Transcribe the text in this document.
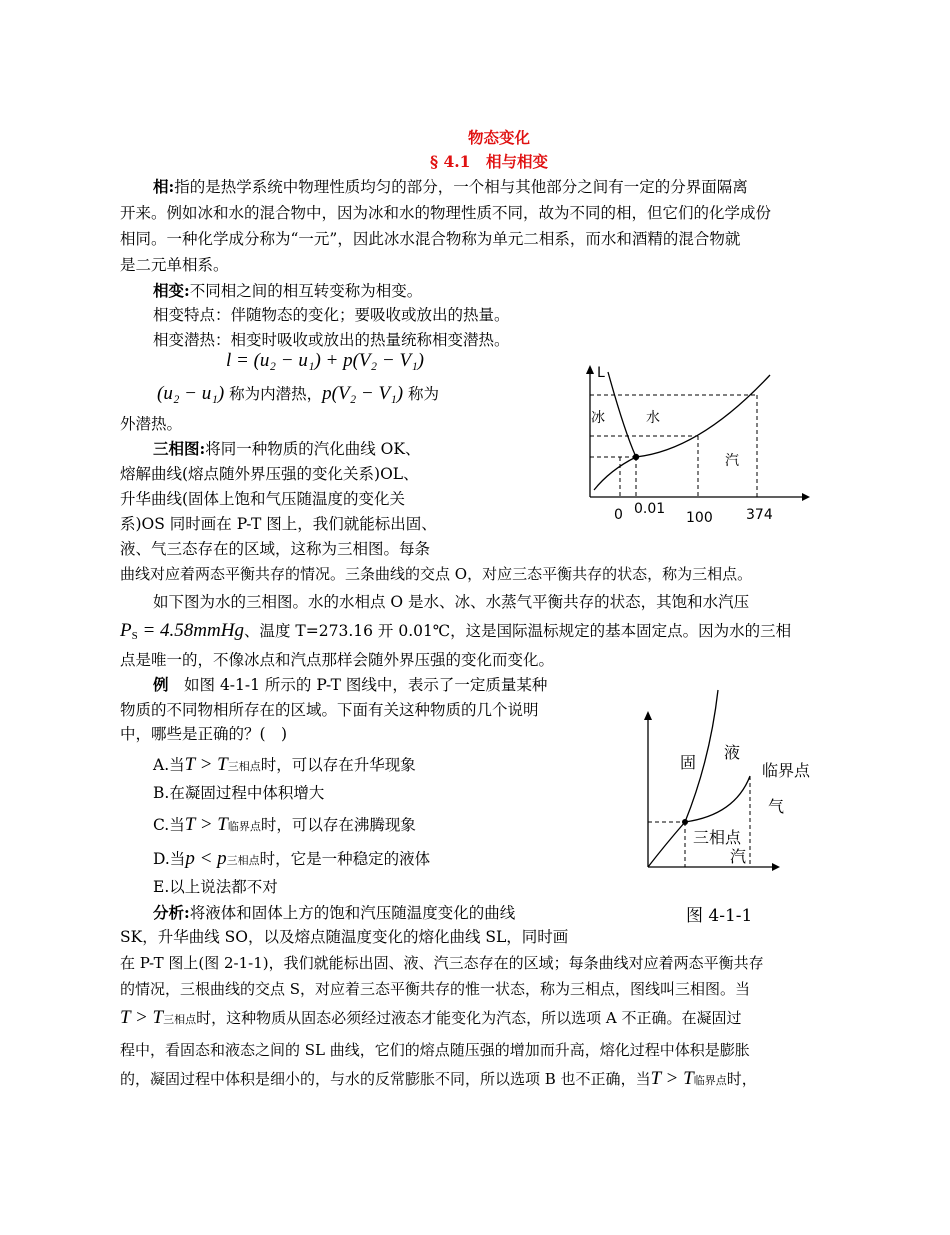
物态变化
§ 4.1　相与相变
相:指的是热学系统中物理性质均匀的部分，一个相与其他部分之间有一定的分界面隔离
开来。例如冰和水的混合物中，因为冰和水的物理性质不同，故为不同的相，但它们的化学成份
相同。一种化学成分称为“一元”，因此冰水混合物称为单元二相系，而水和酒精的混合物就
是二元单相系。
相变:不同相之间的相互转变称为相变。
相变特点：伴随物态的变化；要吸收或放出的热量。
相变潜热：相变时吸收或放出的热量统称相变潜热。
l = (u₂ − u₁) + p(V₂ − V₁)
(u₂ − u₁) 称为内潜热，p(V₂ − V₁) 称为
外潜热。
三相图:将同一种物质的汽化曲线 OK、
熔解曲线(熔点随外界压强的变化关系)OL、
升华曲线(固体上饱和气压随温度的变化关
系)OS 同时画在 P-T 图上，我们就能标出固、
液、气三态存在的区域，这称为三相图。每条
曲线对应着两态平衡共存的情况。三条曲线的交点 O，对应三态平衡共存的状态，称为三相点。
L
冰	水
汽
0 0.01
100 374
如下图为水的三相图。水的水相点 O 是水、冰、水蒸气平衡共存的状态，其饱和水汽压
$P_S$ = 4.58mmHg、温度 T=273.16 开 0.01℃，这是国际温标规定的基本固定点。因为水的三相
点是唯一的，不像冰点和汽点那样会随外界压强的变化而变化。
例　如图 4-1-1 所示的 P-T 图线中，表示了一定质量某种
物质的不同物相所存在的区域。下面有关这种物质的几个说明
中，哪些是正确的？(　)
A.当T > T三相点时，可以存在升华现象
B.在凝固过程中体积增大
C.当T > T临界点时，可以存在沸腾现象
D.当p < p三相点时，它是一种稳定的液体
E.以上说法都不对
固
液
临界点
气
三相点
汽
图 4-1-1
分析:将液体和固体上方的饱和汽压随温度变化的曲线
SK，升华曲线 SO，以及熔点随温度变化的熔化曲线 SL，同时画
在 P-T 图上(图 2-1-1)，我们就能标出固、液、汽三态存在的区域；每条曲线对应着两态平衡共存
的情况，三根曲线的交点 S，对应着三态平衡共存的惟一状态，称为三相点，图线叫三相图。当
T > T三相点时，这种物质从固态必须经过液态才能变化为汽态，所以选项 A 不正确。在凝固过
程中，看固态和液态之间的 SL 曲线，它们的熔点随压强的增加而升高，熔化过程中体积是膨胀
的，凝固过程中体积是细小的，与水的反常膨胀不同，所以选项 B 也不正确，当T > T临界点时，
